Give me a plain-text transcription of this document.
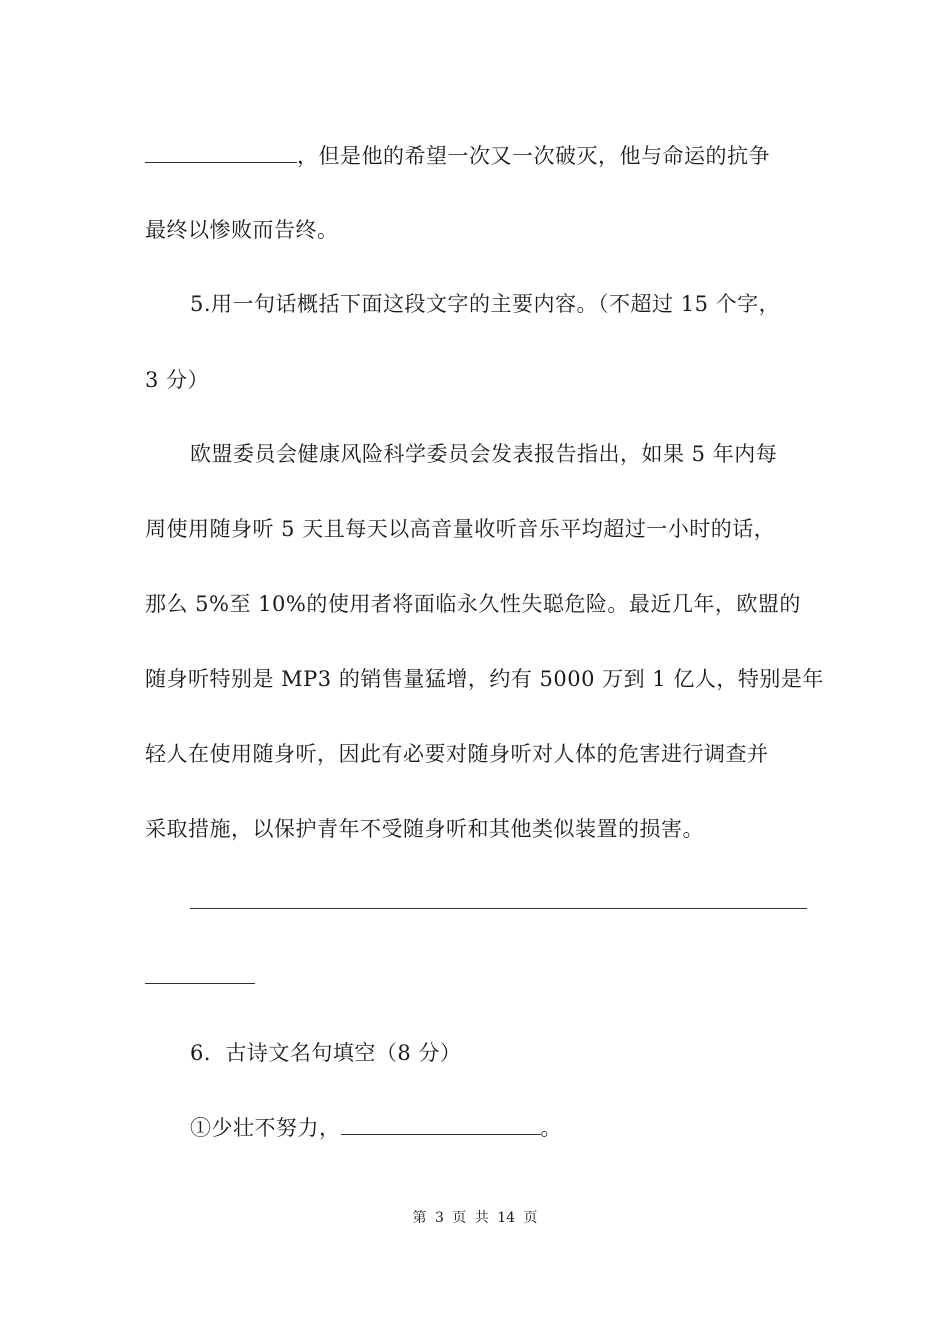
，但是他的希望一次又一次破灭，他与命运的抗争
最终以惨败而告终。
5.用一句话概括下面这段文字的主要内容。（不超过 15 个字，
3 分）
欧盟委员会健康风险科学委员会发表报告指出，如果 5 年内每
周使用随身听 5 天且每天以高音量收听音乐平均超过一小时的话，
那么 5%至 10%的使用者将面临永久性失聪危险。最近几年，欧盟的
随身听特别是 MP3 的销售量猛增，约有 5000 万到 1 亿人，特别是年
轻人在使用随身听，因此有必要对随身听对人体的危害进行调查并
采取措施，以保护青年不受随身听和其他类似装置的损害。
6．古诗文名句填空（8 分）
①少壮不努力，	。
第 3 页 共 14 页
